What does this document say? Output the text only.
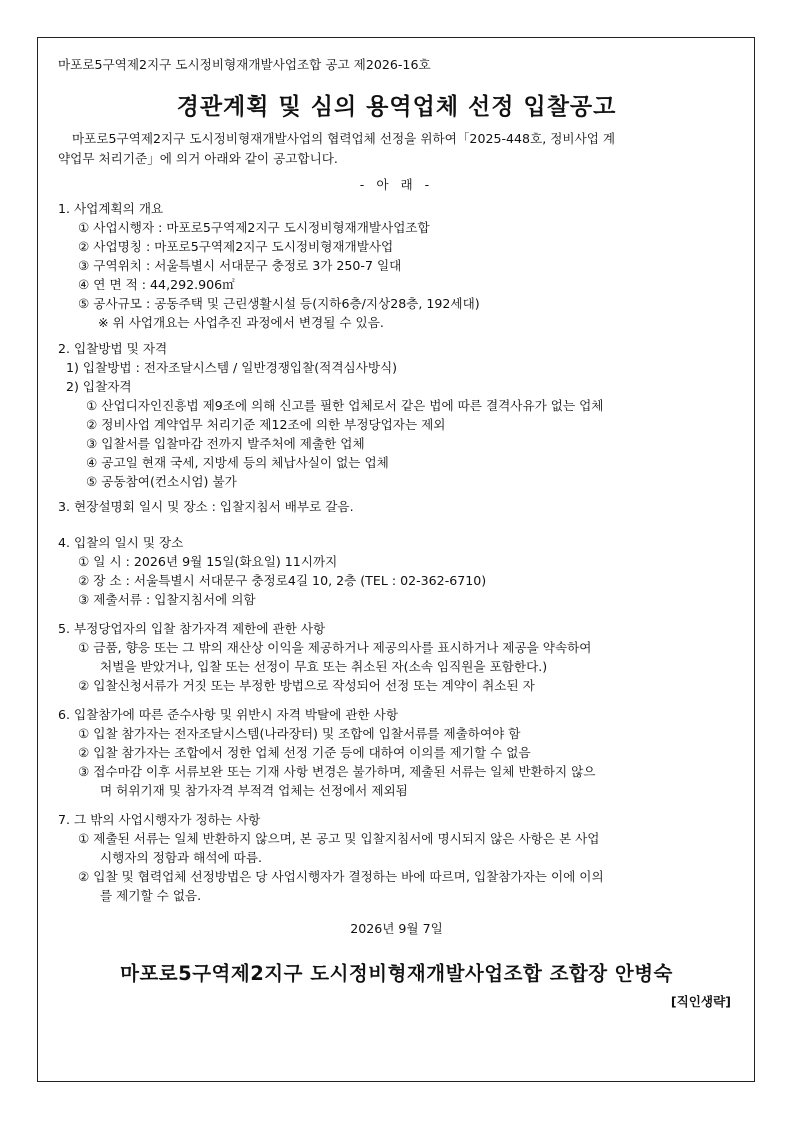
마포로5구역제2지구 도시정비형재개발사업조합 공고 제2026-16호
경관계획 및 심의 용역업체 선정 입찰공고
마포로5구역제2지구 도시정비형재개발사업의 협력업체 선정을 위하여「2025-448호, 정비사업 계
약업무 처리기준」에 의거 아래와 같이 공고합니다.
- 아 래 -
1. 사업계획의 개요
① 사업시행자 : 마포로5구역제2지구 도시정비형재개발사업조합
② 사업명칭 : 마포로5구역제2지구 도시정비형재개발사업
③ 구역위치 : 서울특별시 서대문구 충정로 3가 250-7 일대
④ 연 면 적 : 44,292.906㎡
⑤ 공사규모 : 공동주택 및 근린생활시설 등(지하6층/지상28층, 192세대)
※ 위 사업개요는 사업추진 과정에서 변경될 수 있음.
2. 입찰방법 및 자격
1) 입찰방법 : 전자조달시스템 / 일반경쟁입찰(적격심사방식)
2) 입찰자격
① 산업디자인진흥법 제9조에 의해 신고를 필한 업체로서 같은 법에 따른 결격사유가 없는 업체
② 정비사업 계약업무 처리기준 제12조에 의한 부정당업자는 제외
③ 입찰서를 입찰마감 전까지 발주처에 제출한 업체
④ 공고일 현재 국세, 지방세 등의 체납사실이 없는 업체
⑤ 공동참여(컨소시엄) 불가
3. 현장설명회 일시 및 장소 : 입찰지침서 배부로 갈음.
4. 입찰의 일시 및 장소
① 일 시 : 2026년 9월 15일(화요일) 11시까지
② 장 소 : 서울특별시 서대문구 충정로4길 10, 2층 (TEL : 02-362-6710)
③ 제출서류 : 입찰지침서에 의함
5. 부정당업자의 입찰 참가자격 제한에 관한 사항
① 금품, 향응 또는 그 밖의 재산상 이익을 제공하거나 제공의사를 표시하거나 제공을 약속하여
처벌을 받았거나, 입찰 또는 선정이 무효 또는 취소된 자(소속 임직원을 포함한다.)
② 입찰신청서류가 거짓 또는 부정한 방법으로 작성되어 선정 또는 계약이 취소된 자
6. 입찰참가에 따른 준수사항 및 위반시 자격 박탈에 관한 사항
① 입찰 참가자는 전자조달시스템(나라장터) 및 조합에 입찰서류를 제출하여야 함
② 입찰 참가자는 조합에서 정한 업체 선정 기준 등에 대하여 이의를 제기할 수 없음
③ 접수마감 이후 서류보완 또는 기재 사항 변경은 불가하며, 제출된 서류는 일체 반환하지 않으
며 허위기재 및 참가자격 부적격 업체는 선정에서 제외됨
7. 그 밖의 사업시행자가 정하는 사항
① 제출된 서류는 일체 반환하지 않으며, 본 공고 및 입찰지침서에 명시되지 않은 사항은 본 사업
시행자의 정함과 해석에 따름.
② 입찰 및 협력업체 선정방법은 당 사업시행자가 결정하는 바에 따르며, 입찰참가자는 이에 이의
를 제기할 수 없음.
2026년 9월 7일
마포로5구역제2지구 도시정비형재개발사업조합 조합장 안병숙
[직인생략]
